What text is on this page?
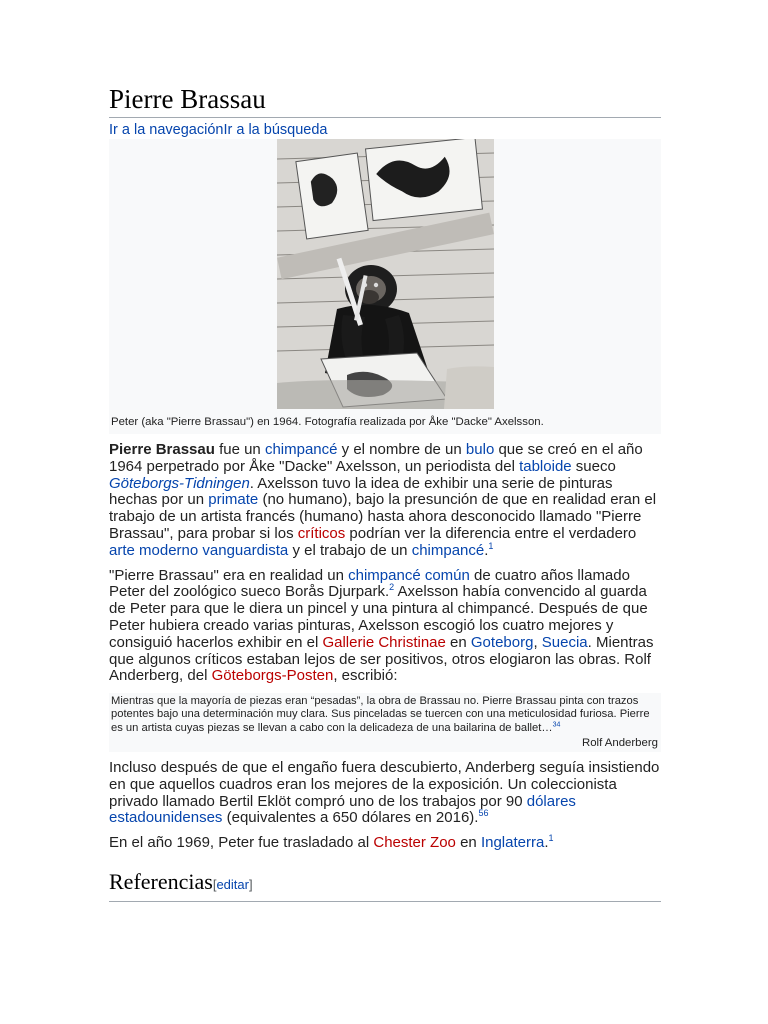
Pierre Brassau
Ir a la navegaciónIr a la búsqueda
Peter (aka "Pierre Brassau") en 1964. Fotografía realizada por Åke "Dacke" Axelsson.

Pierre Brassau fue un chimpancé y el nombre de un bulo que se creó en el año 1964 perpetrado por Åke "Dacke" Axelsson, un periodista del tabloide sueco Göteborgs-Tidningen. Axelsson tuvo la idea de exhibir una serie de pinturas hechas por un primate (no humano), bajo la presunción de que en realidad eran el trabajo de un artista francés (humano) hasta ahora desconocido llamado "Pierre Brassau", para probar si los críticos podrían ver la diferencia entre el verdadero arte moderno vanguardista y el trabajo de un chimpancé.$^1$

"Pierre Brassau" era en realidad un chimpancé común de cuatro años llamado Peter del zoológico sueco Borås Djurpark.$^2$ Axelsson había convencido al guarda de Peter para que le diera un pincel y una pintura al chimpancé. Después de que Peter hubiera creado varias pinturas, Axelsson escogió los cuatro mejores y consiguió hacerlos exhibir en el Gallerie Christinae en Goteborg, Suecia. Mientras que algunos críticos estaban lejos de ser positivos, otros elogiaron las obras. Rolf Anderberg, del Göteborgs-Posten, escribió:

Mientras que la mayoría de piezas eran “pesadas”, la obra de Brassau no. Pierre Brassau pinta con trazos potentes bajo una determinación muy clara. Sus pinceladas se tuercen con una meticulosidad furiosa. Pierre es un artista cuyas piezas se llevan a cabo con la delicadeza de una bailarina de ballet…$^{34}$
Rolf Anderberg

Incluso después de que el engaño fuera descubierto, Anderberg seguía insistiendo en que aquellos cuadros eran los mejores de la exposición. Un coleccionista privado llamado Bertil Eklöt compró uno de los trabajos por 90 dólares estadounidenses (equivalentes a 650 dólares en 2016).$^{56}$

En el año 1969, Peter fue trasladado al Chester Zoo en Inglaterra.$^1$

Referencias[editar]
